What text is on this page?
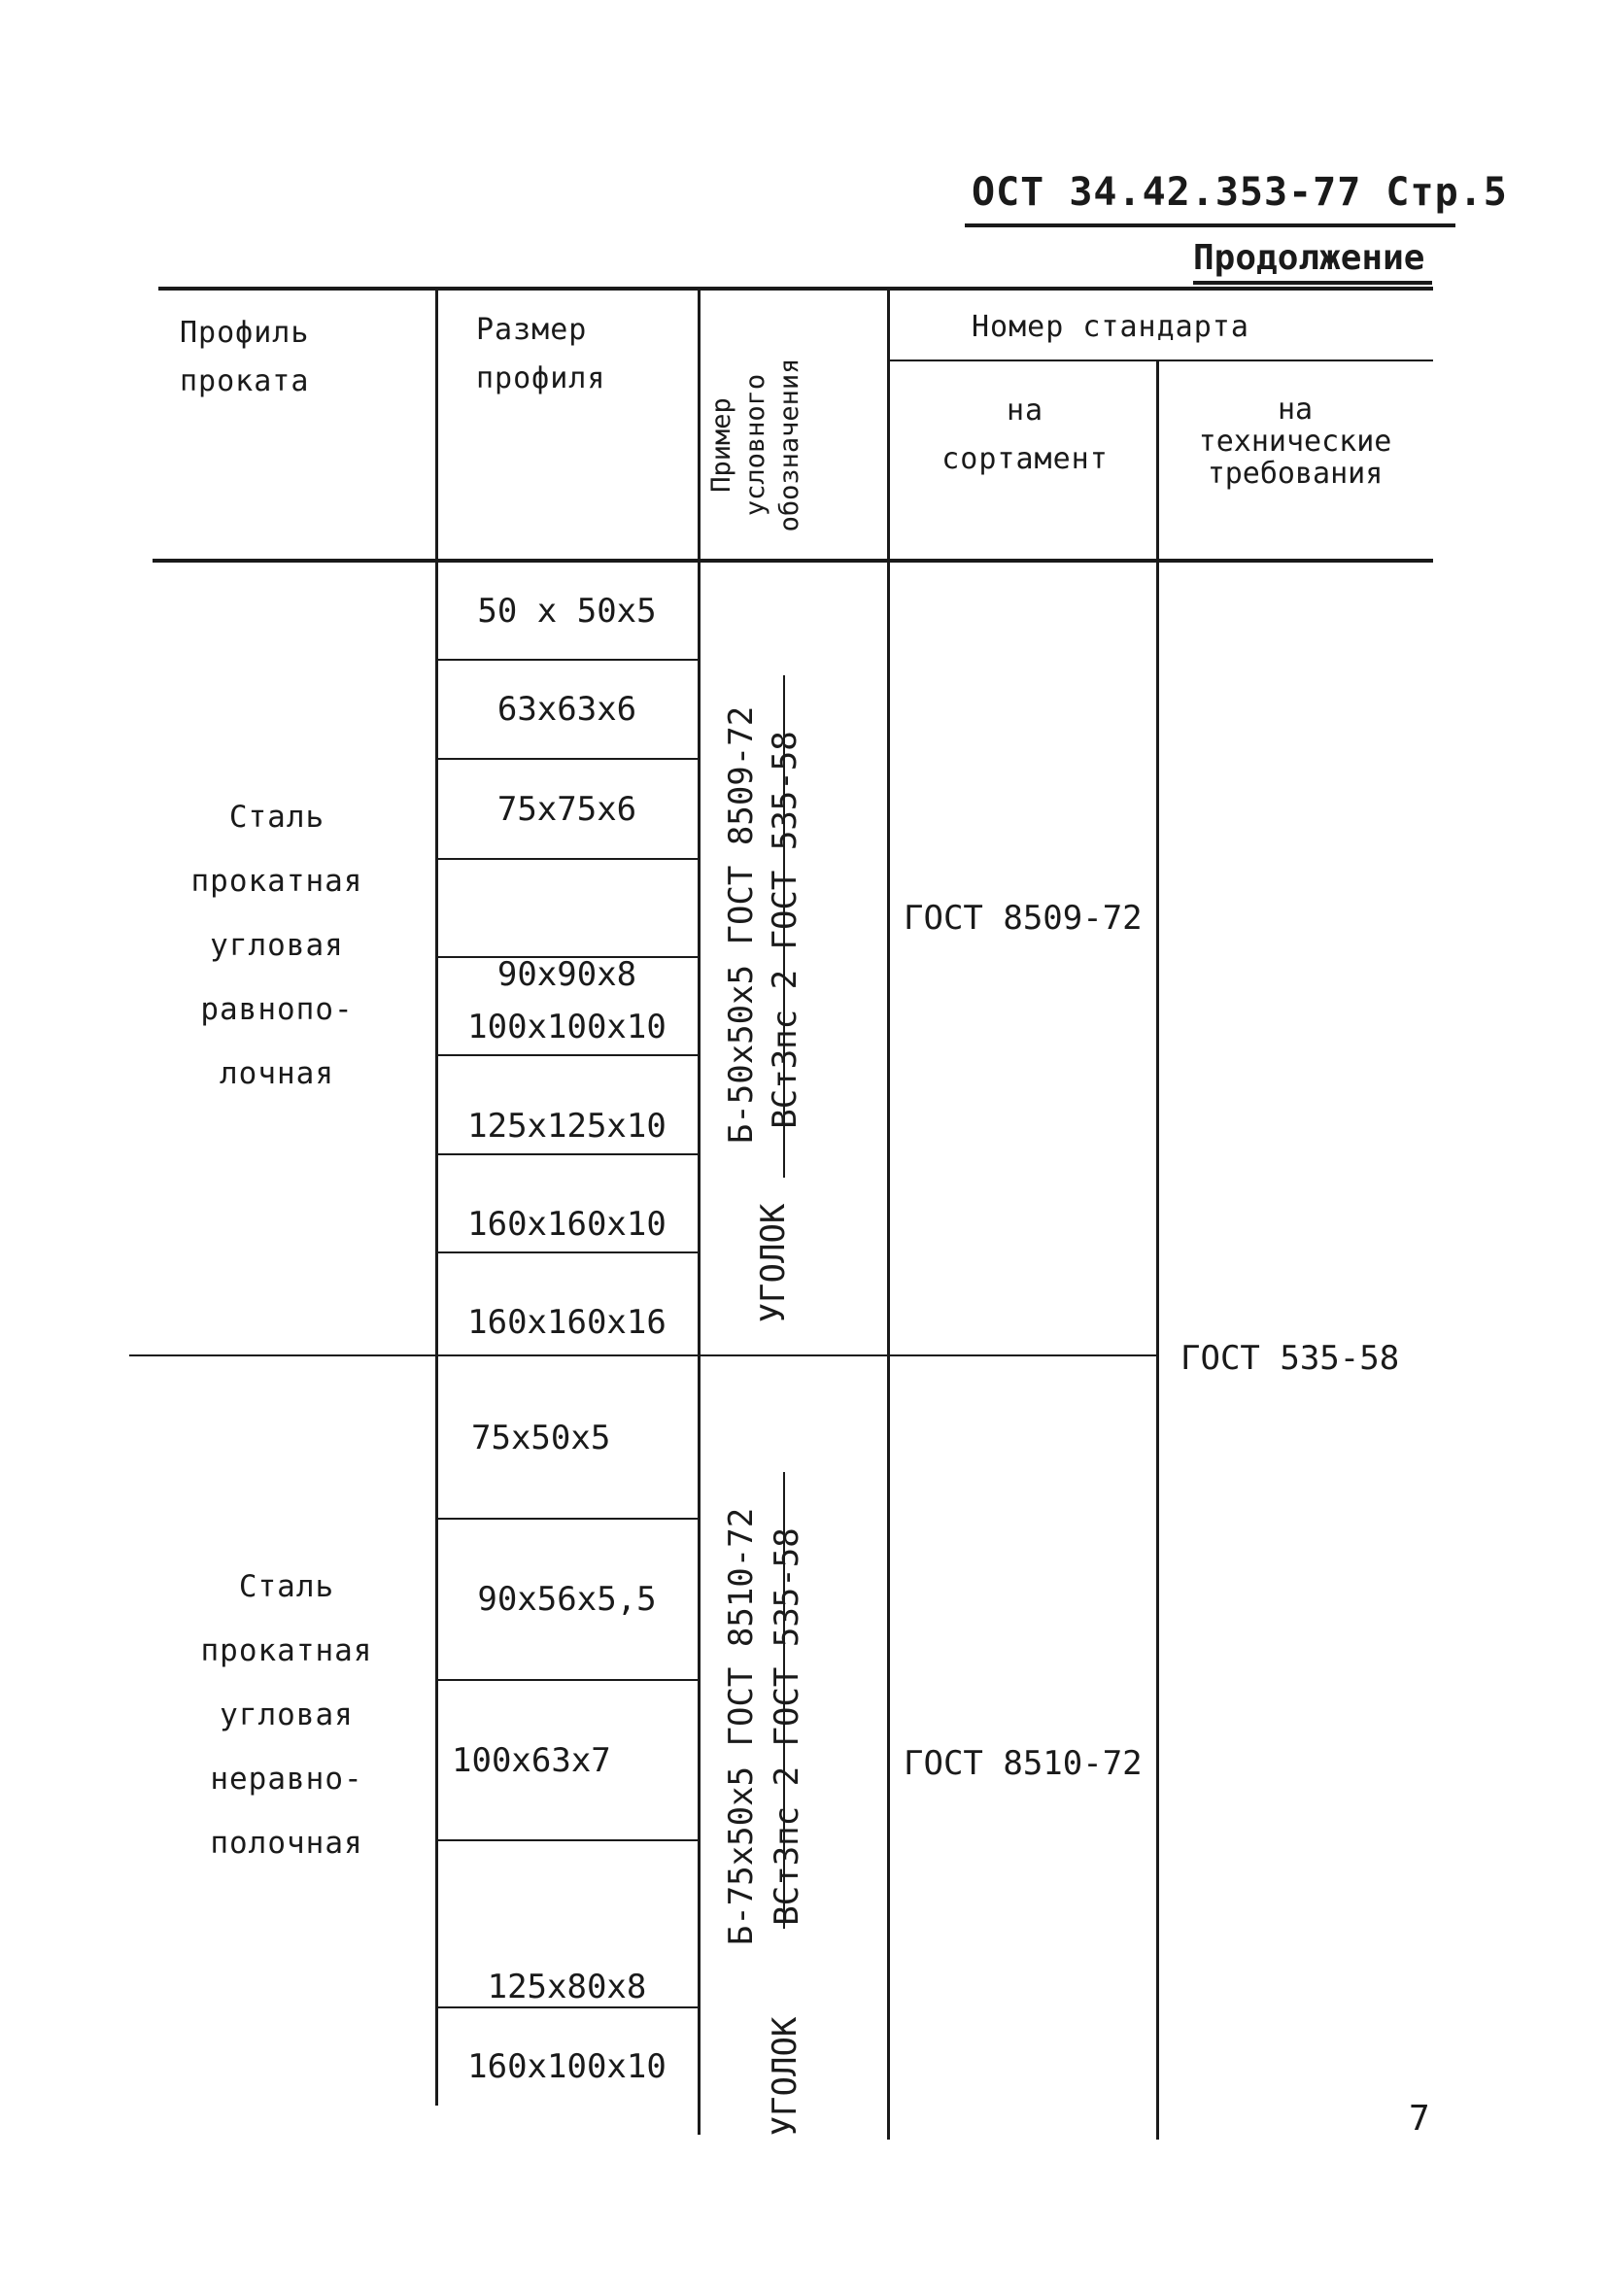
ОСТ 34.42.353-77 Стр.5
Продолжение
Профиль
проката
Размер
профиля
Пример условного обозначения
Номер стандарта
на
сортамент
на
технические
требования
Сталь
прокатная
угловая
равнопо-
лочная
50 х 50х5
63х63х6
75х75х6
90х90х8
100х100х10
125х125х10
160х160х10
160х160х16
Б-50х50х5 ГОСТ 8509-72 ВСт3пс 2 ГОСТ 535-58
УГОЛОК
ГОСТ 8509-72
ГОСТ 535-58
Сталь
прокатная
угловая
неравно-
полочная
75х50х5
90х56х5,5
100х63х7
125х80х8
160х100х10
Б-75х50х5 ГОСТ 8510-72 ВСт3пс 2 ГОСТ 535-58
УГОЛОК
ГОСТ 8510-72
7
